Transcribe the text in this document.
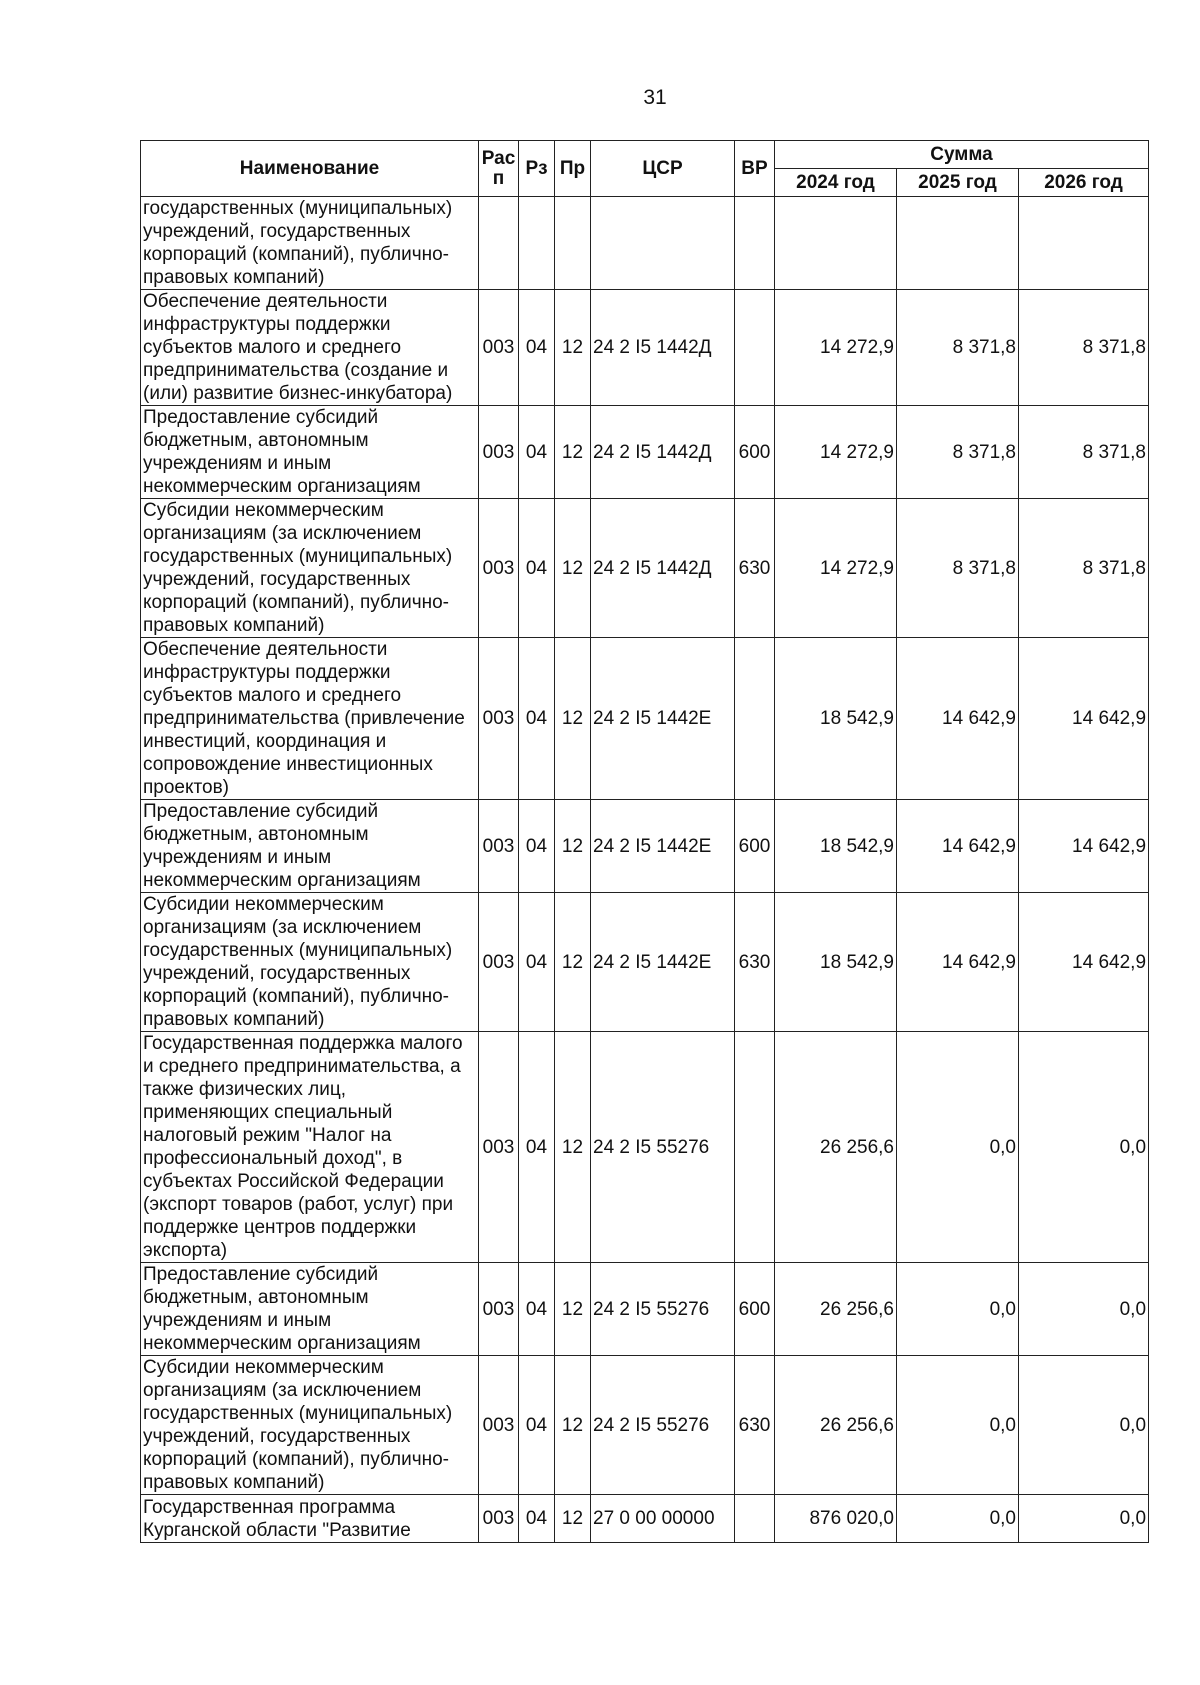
31
Наименование	Рас п	Рз	Пр	ЦСР	ВР	Сумма		
						2024 год	2025 год	2026 год
государственных (муниципальных) учреждений, государственных корпораций (компаний), публично-правовых компаний)								
Обеспечение деятельности инфраструктуры поддержки субъектов малого и среднего предпринимательства (создание и (или) развитие бизнес-инкубатора)	003	04	12	24 2 I5 1442Д		14 272,9	8 371,8	8 371,8
Предоставление субсидий бюджетным, автономным учреждениям и иным некоммерческим организациям	003	04	12	24 2 I5 1442Д	600	14 272,9	8 371,8	8 371,8
Субсидии некоммерческим организациям (за исключением государственных (муниципальных) учреждений, государственных корпораций (компаний), публично-правовых компаний)	003	04	12	24 2 I5 1442Д	630	14 272,9	8 371,8	8 371,8
Обеспечение деятельности инфраструктуры поддержки субъектов малого и среднего предпринимательства (привлечение инвестиций, координация и сопровождение инвестиционных проектов)	003	04	12	24 2 I5 1442Е		18 542,9	14 642,9	14 642,9
Предоставление субсидий бюджетным, автономным учреждениям и иным некоммерческим организациям	003	04	12	24 2 I5 1442Е	600	18 542,9	14 642,9	14 642,9
Субсидии некоммерческим организациям (за исключением государственных (муниципальных) учреждений, государственных корпораций (компаний), публично-правовых компаний)	003	04	12	24 2 I5 1442Е	630	18 542,9	14 642,9	14 642,9
Государственная поддержка малого и среднего предпринимательства, а также физических лиц, применяющих специальный налоговый режим "Налог на профессиональный доход", в субъектах Российской Федерации (экспорт товаров (работ, услуг) при поддержке центров поддержки экспорта)	003	04	12	24 2 I5 55276		26 256,6	0,0	0,0
Предоставление субсидий бюджетным, автономным учреждениям и иным некоммерческим организациям	003	04	12	24 2 I5 55276	600	26 256,6	0,0	0,0
Субсидии некоммерческим организациям (за исключением государственных (муниципальных) учреждений, государственных корпораций (компаний), публично-правовых компаний)	003	04	12	24 2 I5 55276	630	26 256,6	0,0	0,0
Государственная программа Курганской области "Развитие	003	04	12	27 0 00 00000		876 020,0	0,0	0,0
